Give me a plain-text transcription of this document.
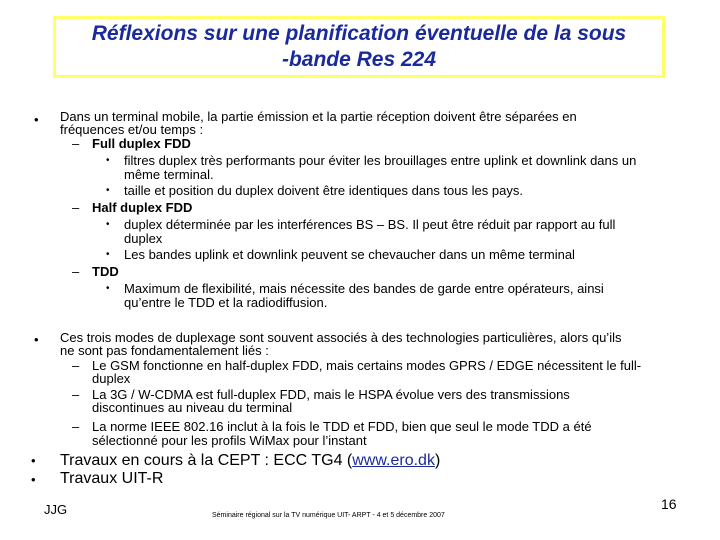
Réflexions sur une planification éventuelle de la sous
-bande Res 224

• Dans un terminal mobile, la partie émission et la partie réception doivent être séparées en
fréquences et/ou temps :
– Full duplex FDD
• filtres duplex très performants pour éviter les brouillages entre uplink et downlink dans un
même terminal.
• taille et position du duplex doivent être identiques dans tous les pays.
– Half duplex FDD
• duplex déterminée par les interférences BS – BS. Il peut être réduit par rapport au full
duplex
• Les bandes uplink et downlink peuvent se chevaucher dans un même terminal
– TDD
• Maximum de flexibilité, mais nécessite des bandes de garde entre opérateurs, ainsi
qu’entre le TDD et la radiodiffusion.
• Ces trois modes de duplexage sont souvent associés à des technologies particulières, alors qu’ils
ne sont pas fondamentalement liés :
– Le GSM fonctionne en half-duplex FDD, mais certains modes GPRS / EDGE nécessitent le full-
duplex
– La 3G / W-CDMA est full-duplex FDD, mais le HSPA évolue vers des transmissions
discontinues au niveau du terminal
– La norme IEEE 802.16 inclut à la fois le TDD et FDD, bien que seul le mode TDD a été
sélectionné pour les profils WiMax pour l’instant
• Travaux en cours à la CEPT : ECC TG4 (www.ero.dk)
• Travaux UIT-R
JJG	Séminaire régional sur la TV numérique UIT- ARPT - 4 et 5 décembre 2007
16
